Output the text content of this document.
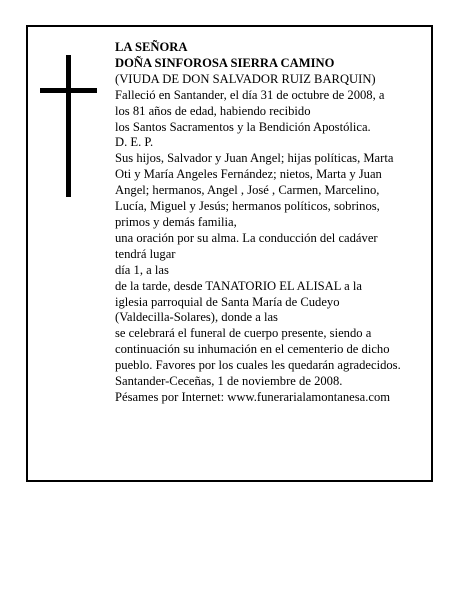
LA SEÑORA
DOÑA SINFOROSA SIERRA CAMINO
(VIUDA DE DON SALVADOR RUIZ BARQUIN)
Falleció en Santander, el día 31 de octubre de 2008, a
los 81 años de edad, habiendo recibido
los Santos Sacramentos y la Bendición Apostólica.
D. E. P.
Sus hijos, Salvador y Juan Angel; hijas políticas, Marta
Oti y María Angeles Fernández; nietos, Marta y Juan
Angel; hermanos, Angel , José , Carmen, Marcelino,
Lucía, Miguel y Jesús; hermanos políticos, sobrinos,
primos y demás familia,
una oración por su alma. La conducción del cadáver
tendrá lugar
día 1, a las
de la tarde, desde TANATORIO EL ALISAL a la
iglesia parroquial de Santa María de Cudeyo
(Valdecilla-Solares), donde a las
se celebrará el funeral de cuerpo presente, siendo a
continuación su inhumación en el cementerio de dicho
pueblo. Favores por los cuales les quedarán agradecidos.
Santander-Ceceñas, 1 de noviembre de 2008.
Pésames por Internet: www.funerarialamontanesa.com
